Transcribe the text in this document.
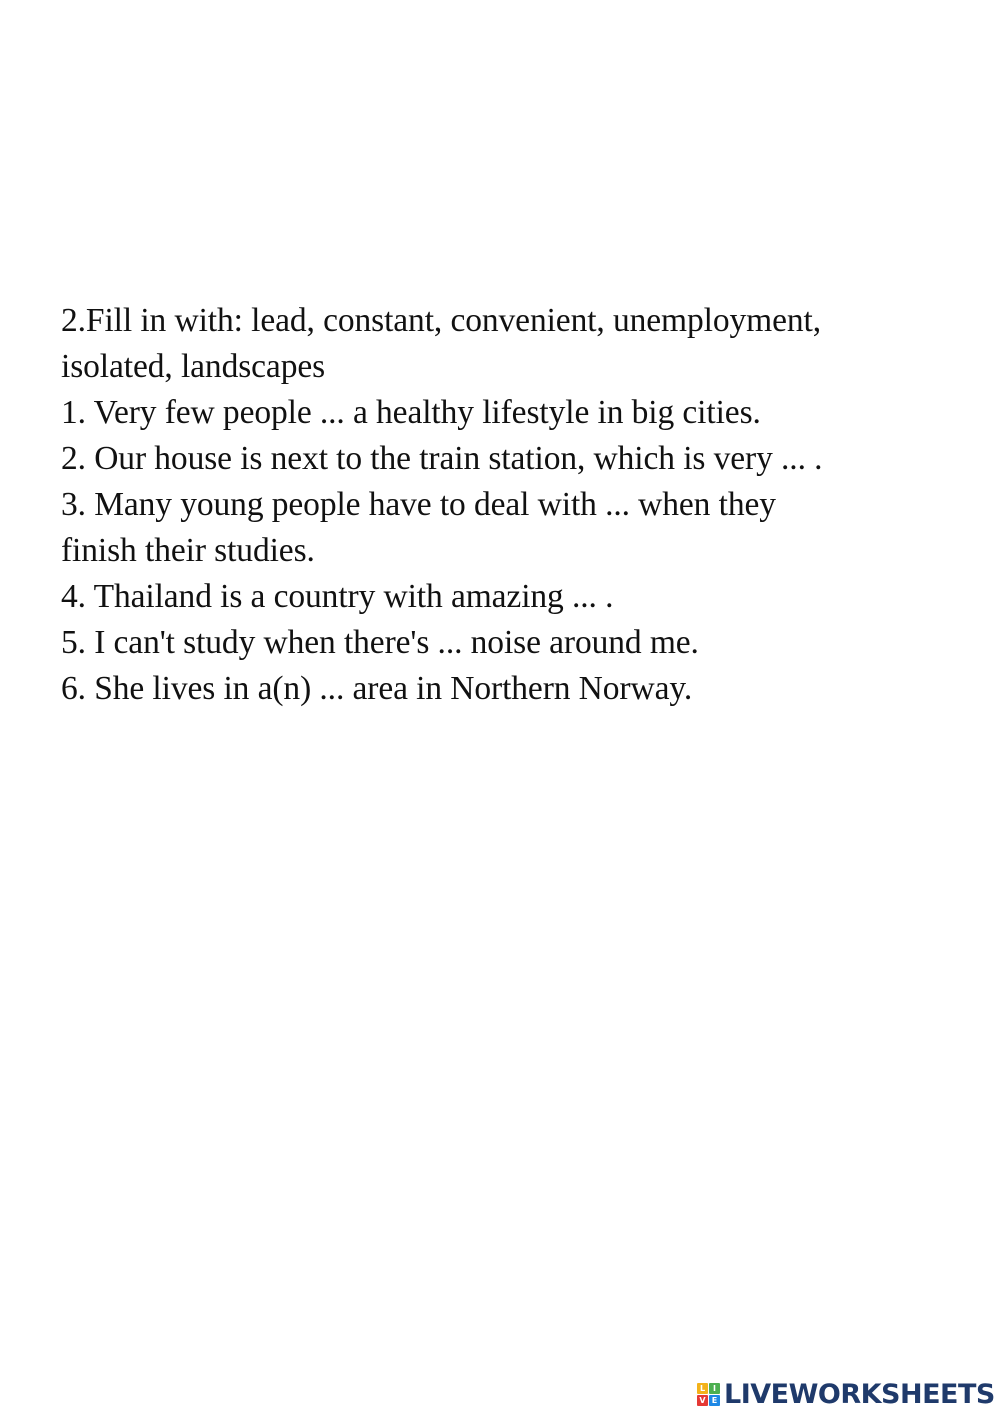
2.Fill in with: lead, constant, convenient, unemployment,
isolated, landscapes
1. Very few people ... a healthy lifestyle in big cities.
2. Our house is next to the train station, which is very ... .
3. Many young people have to deal with ... when they
finish their studies.
4. Thailand is a country with amazing ... .
5. I can't study when there's ... noise around me.
6. She lives in a(n) ... area in Northern Norway.
L I
V E LIVEWORKSHEETS
